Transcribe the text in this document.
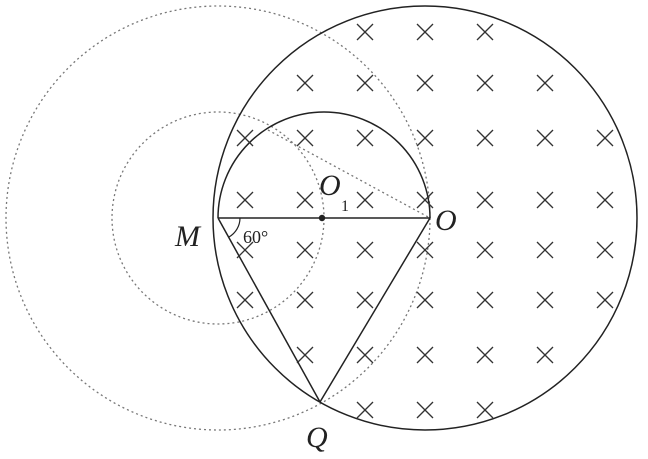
M	O
O
1
Q
60°
